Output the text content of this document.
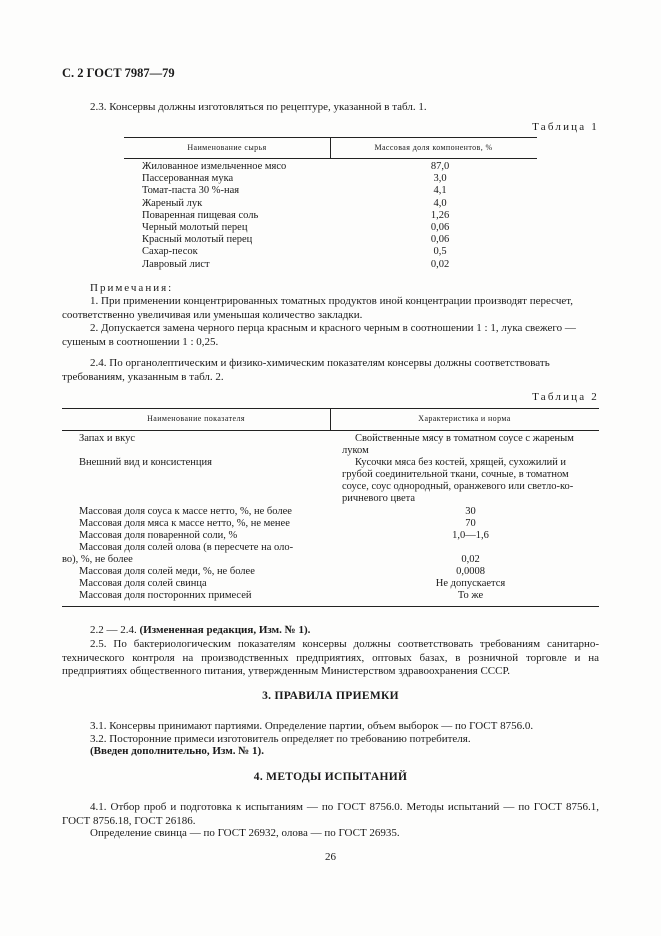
С. 2 ГОСТ 7987—79
2.3. Консервы должны изготовляться по рецептуре, указанной в табл. 1.
Таблица 1
Наименование сырья	Массовая доля компонентов, %
Жилованное измельченное мясо	87,0
Пассерованная мука	3,0
Томат-паста 30 %-ная	4,1
Жареный лук	4,0
Поваренная пищевая соль	1,26
Черный молотый перец	0,06
Красный молотый перец	0,06
Сахар-песок	0,5
Лавровый лист	0,02
Примечания:
1. При применении концентрированных томатных продуктов иной концентрации производят пересчет, соответственно увеличивая или уменьшая количество закладки.
2. Допускается замена черного перца красным и красного черным в соотношении 1 : 1, лука свежего — сушеным в соотношении 1 : 0,25.
2.4. По органолептическим и физико-химическим показателям консервы должны соответствовать требованиям, указанным в табл. 2.
Таблица 2
Наименование показателя	Характеристика и норма
Запах и вкус	Свойственные мясу в томатном соусе с жареным
луком
Внешний вид и консистенция	Кусочки мяса без костей, хрящей, сухожилий и
грубой соединительной ткани, сочные, в томатном
соусе, соус однородный, оранжевого или светло-ко-
ричневого цвета
Массовая доля соуса к массе нетто, %, не более	30
Массовая доля мяса к массе нетто, %, не менее	70
Массовая доля поваренной соли, %	1,0—1,6
Массовая доля солей олова (в пересчете на оло-
во), %, не более	0,02
Массовая доля солей меди, %, не более	0,0008
Массовая доля солей свинца	Не допускается
Массовая доля посторонних примесей	То же
2.2 — 2.4. (Измененная редакция, Изм. № 1).
2.5. По бактериологическим показателям консервы должны соответствовать требованиям санитарно-технического контроля на производственных предприятиях, оптовых базах, в розничной торговле и на предприятиях общественного питания, утвержденным Министерством здравоохранения СССР.
3. ПРАВИЛА ПРИЕМКИ
3.1. Консервы принимают партиями. Определение партии, объем выборок — по ГОСТ 8756.0.
3.2. Посторонние примеси изготовитель определяет по требованию потребителя.
(Введен дополнительно, Изм. № 1).
4. МЕТОДЫ ИСПЫТАНИЙ
4.1. Отбор проб и подготовка к испытаниям — по ГОСТ 8756.0. Методы испытаний — по ГОСТ 8756.1, ГОСТ 8756.18, ГОСТ 26186.
Определение свинца — по ГОСТ 26932, олова — по ГОСТ 26935.
26
